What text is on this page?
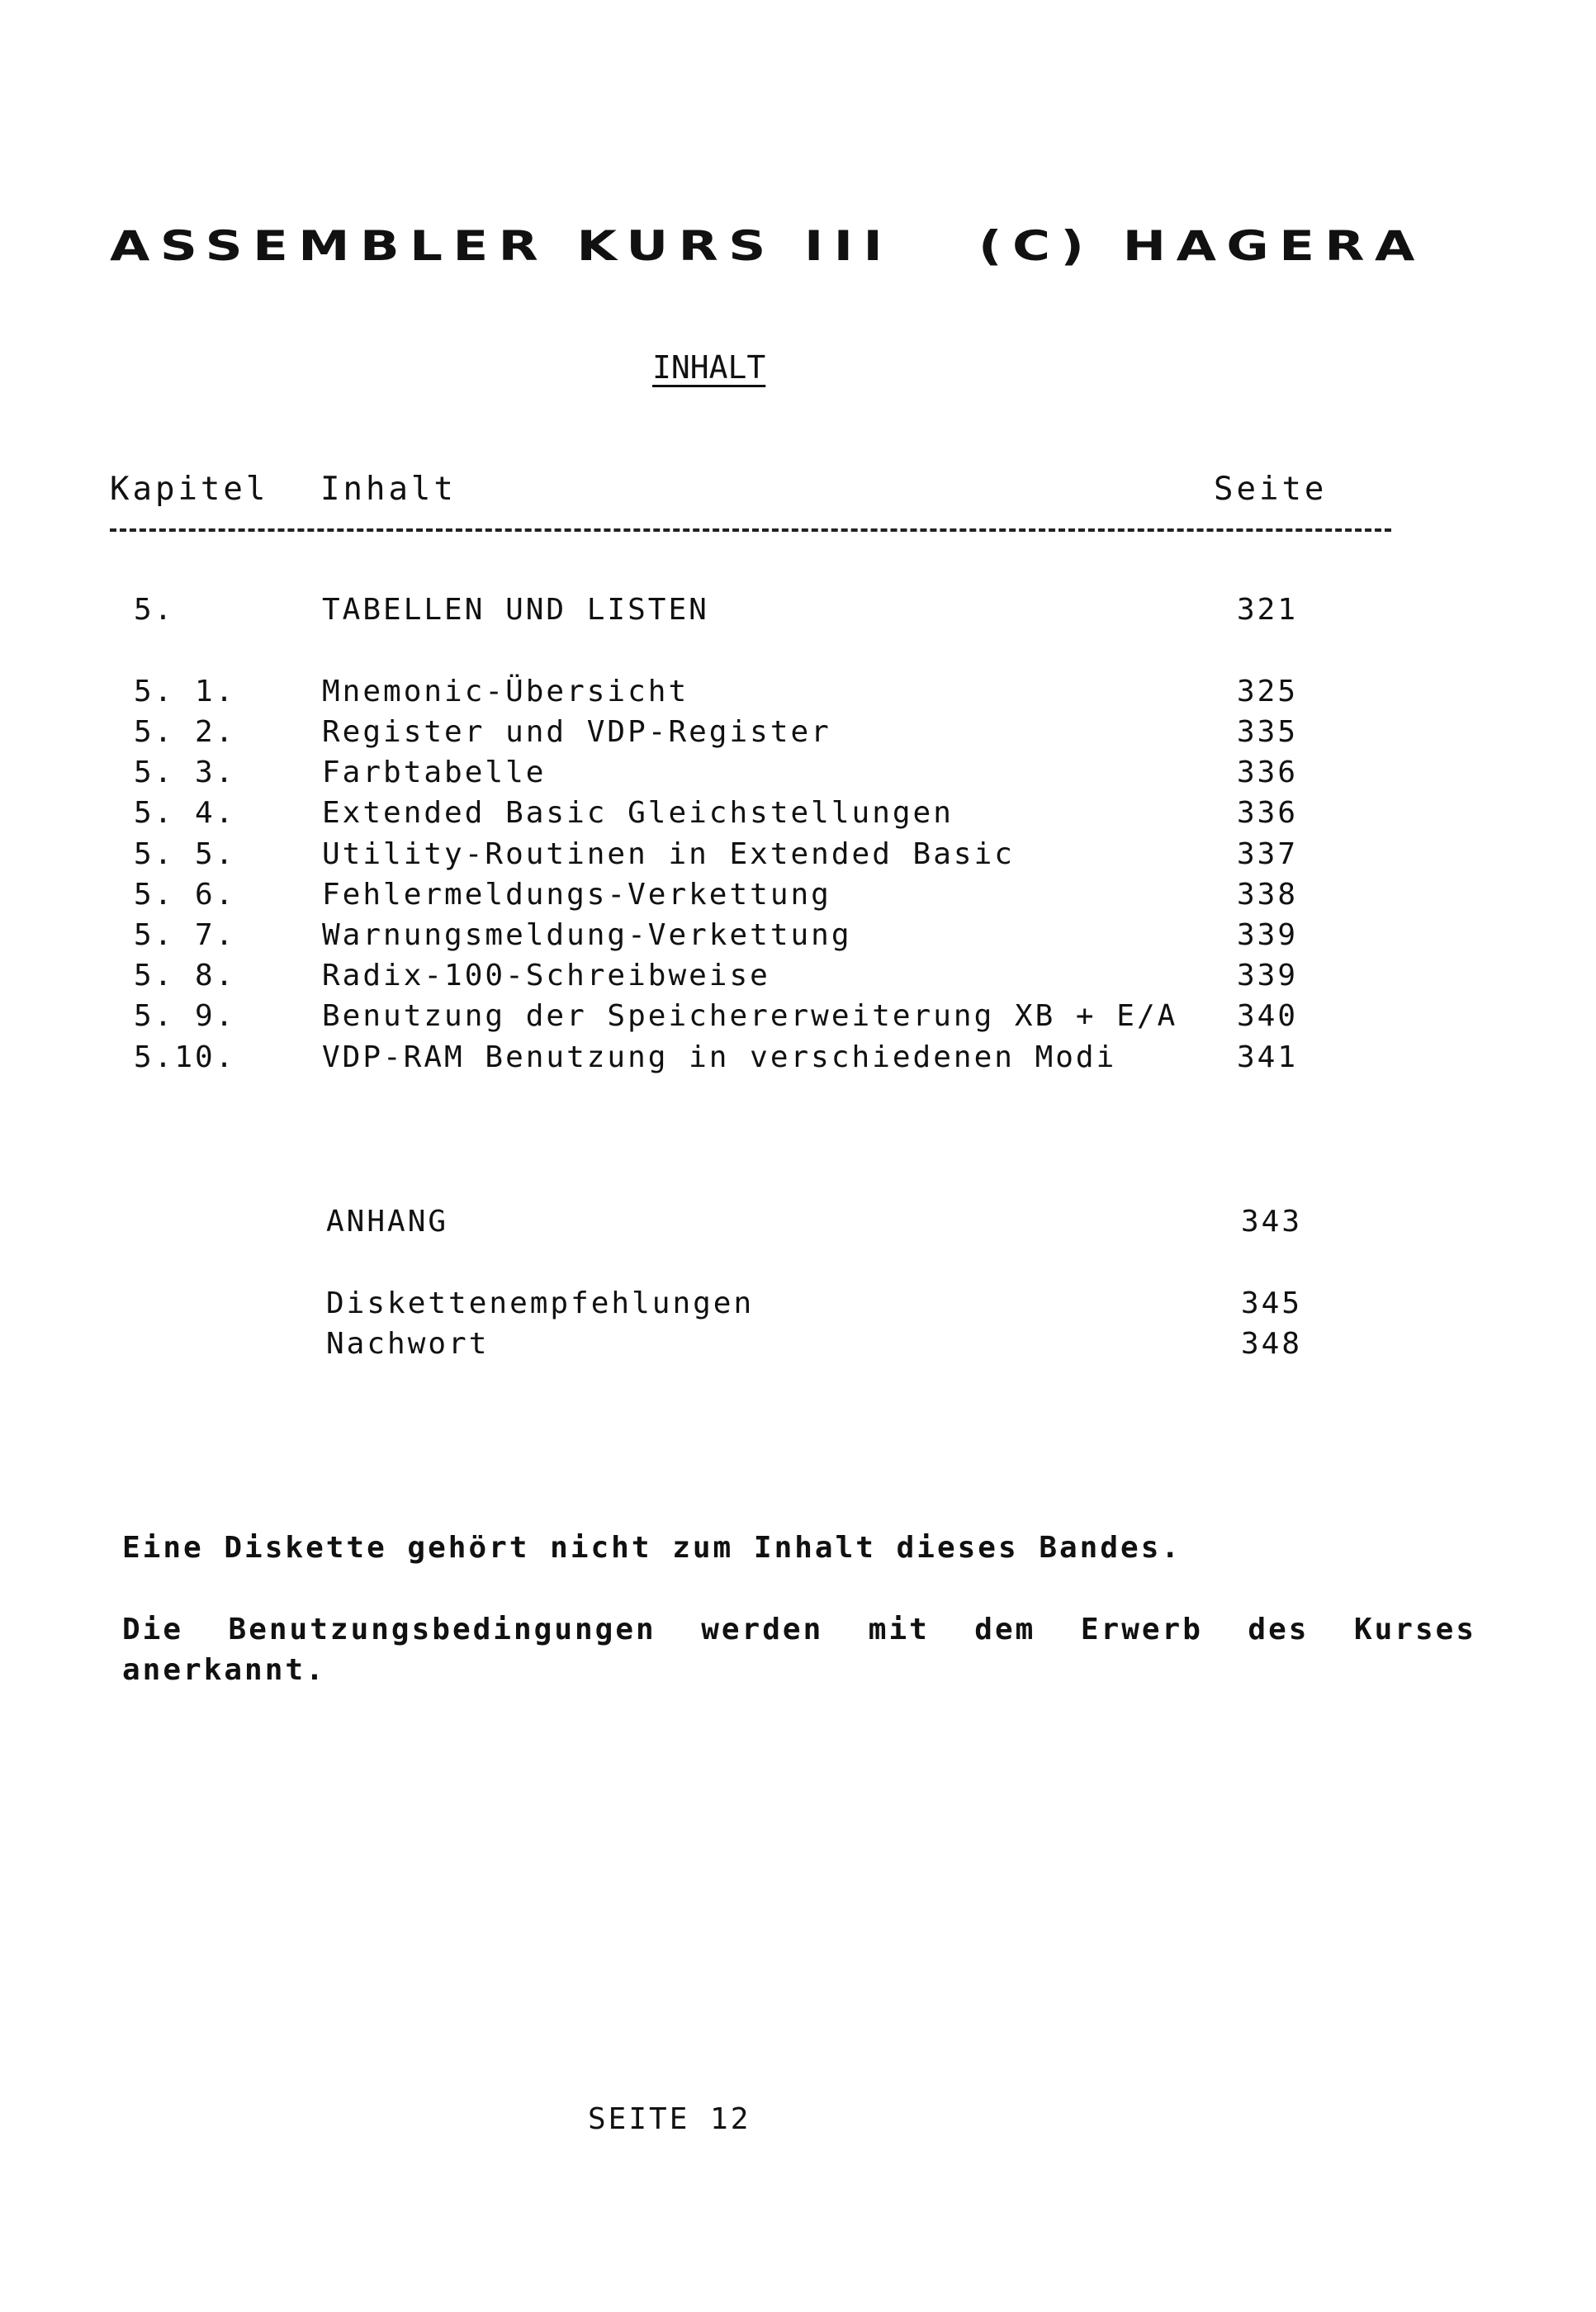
ASSEMBLER KURS III (C) HAGERA
INHALT
Kapitel Inhalt	Seite
5.	TABELLEN UND LISTEN	321
5. 1.	Mnemonic-Übersicht	325
5. 2.	Register und VDP-Register	335
5. 3.	Farbtabelle	336
5. 4.	Extended Basic Gleichstellungen	336
5. 5.	Utility-Routinen in Extended Basic	337
5. 6.	Fehlermeldungs-Verkettung	338
5. 7.	Warnungsmeldung-Verkettung	339
5. 8.	Radix-100-Schreibweise	339
5. 9.	Benutzung der Speichererweiterung XB + E/A 340
5.10.	VDP-RAM Benutzung in verschiedenen Modi	341
ANHANG	343
Diskettenempfehlungen	345
Nachwort	348
Eine Diskette gehört nicht zum Inhalt dieses Bandes.
Die Benutzungsbedingungen werden mit dem Erwerb des Kurses
anerkannt.
SEITE 12
